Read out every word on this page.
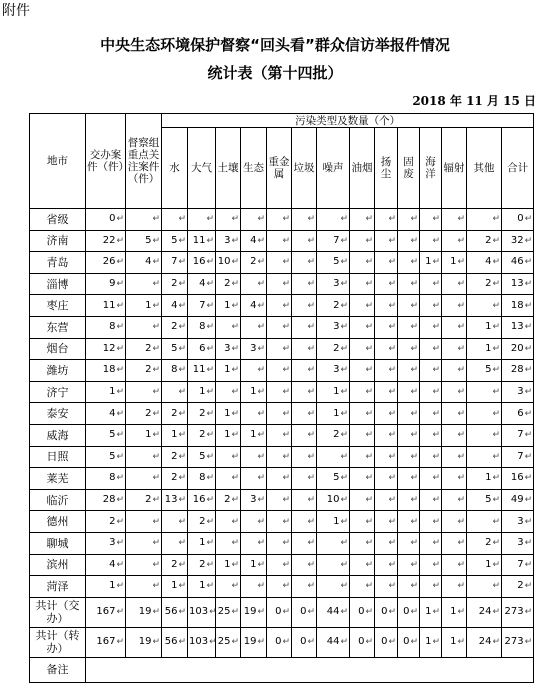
附件
中央生态环境保护督察“回头看”群众信访举报件情况
统计表（第十四批）
2018 年 11 月 15 日
地市	交办案件（件）	督察组重点关注案件（件）	污染类型及数量（个）													
			水	大气	土壤	生态	重金属	垃圾	噪声	油烟	扬尘	固废	海洋	辐射	其他	合计
省级	0↵	↵	↵	↵	↵	↵	↵	↵	↵	↵	↵	↵	↵	↵	↵	0↵
济南	22↵	5↵	5↵	11↵	3↵	4↵	↵	↵	7↵	↵	↵	↵	↵	↵	2↵	32↵
青岛	26↵	4↵	7↵	16↵	10↵	2↵	↵	↵	5↵	↵	↵	↵	1↵	1↵	4↵	46↵
淄博	9↵	↵	2↵	4↵	2↵	↵	↵	↵	3↵	↵	↵	↵	↵	↵	2↵	13↵
枣庄	11↵	1↵	4↵	7↵	1↵	4↵	↵	↵	2↵	↵	↵	↵	↵	↵	↵	18↵
东营	8↵	↵	2↵	8↵	↵	↵	↵	↵	3↵	↵	↵	↵	↵	↵	1↵	13↵
烟台	12↵	2↵	5↵	6↵	3↵	3↵	↵	↵	2↵	↵	↵	↵	↵	↵	1↵	20↵
潍坊	18↵	2↵	8↵	11↵	1↵	↵	↵	↵	3↵	↵	↵	↵	↵	↵	5↵	28↵
济宁	1↵	↵	↵	1↵	↵	1↵	↵	↵	1↵	↵	↵	↵	↵	↵	↵	3↵
泰安	4↵	2↵	2↵	2↵	1↵	↵	↵	↵	1↵	↵	↵	↵	↵	↵	↵	6↵
威海	5↵	1↵	1↵	2↵	1↵	1↵	↵	↵	2↵	↵	↵	↵	↵	↵	↵	7↵
日照	5↵	↵	2↵	5↵	↵	↵	↵	↵	↵	↵	↵	↵	↵	↵	↵	7↵
莱芜	8↵	↵	2↵	8↵	↵	↵	↵	↵	5↵	↵	↵	↵	↵	↵	1↵	16↵
临沂	28↵	2↵	13↵	16↵	2↵	3↵	↵	↵	10↵	↵	↵	↵	↵	↵	5↵	49↵
德州	2↵	↵	↵	2↵	↵	↵	↵	↵	1↵	↵	↵	↵	↵	↵	↵	3↵
聊城	3↵	↵	↵	1↵	↵	↵	↵	↵	↵	↵	↵	↵	↵	↵	2↵	3↵
滨州	4↵	↵	2↵	2↵	1↵	1↵	↵	↵	↵	↵	↵	↵	↵	↵	1↵	7↵
菏泽	1↵	↵	1↵	1↵	↵	↵	↵	↵	↵	↵	↵	↵	↵	↵	↵	2↵
共计（交办）	167↵	19↵	56↵	103↵	25↵	19↵	0↵	0↵	44↵	0↵	0↵	0↵	1↵	1↵	24↵	273↵
共计（转办）	167↵	19↵	56↵	103↵	25↵	19↵	0↵	0↵	44↵	0↵	0↵	0↵	1↵	1↵	24↵	273↵
备注																
